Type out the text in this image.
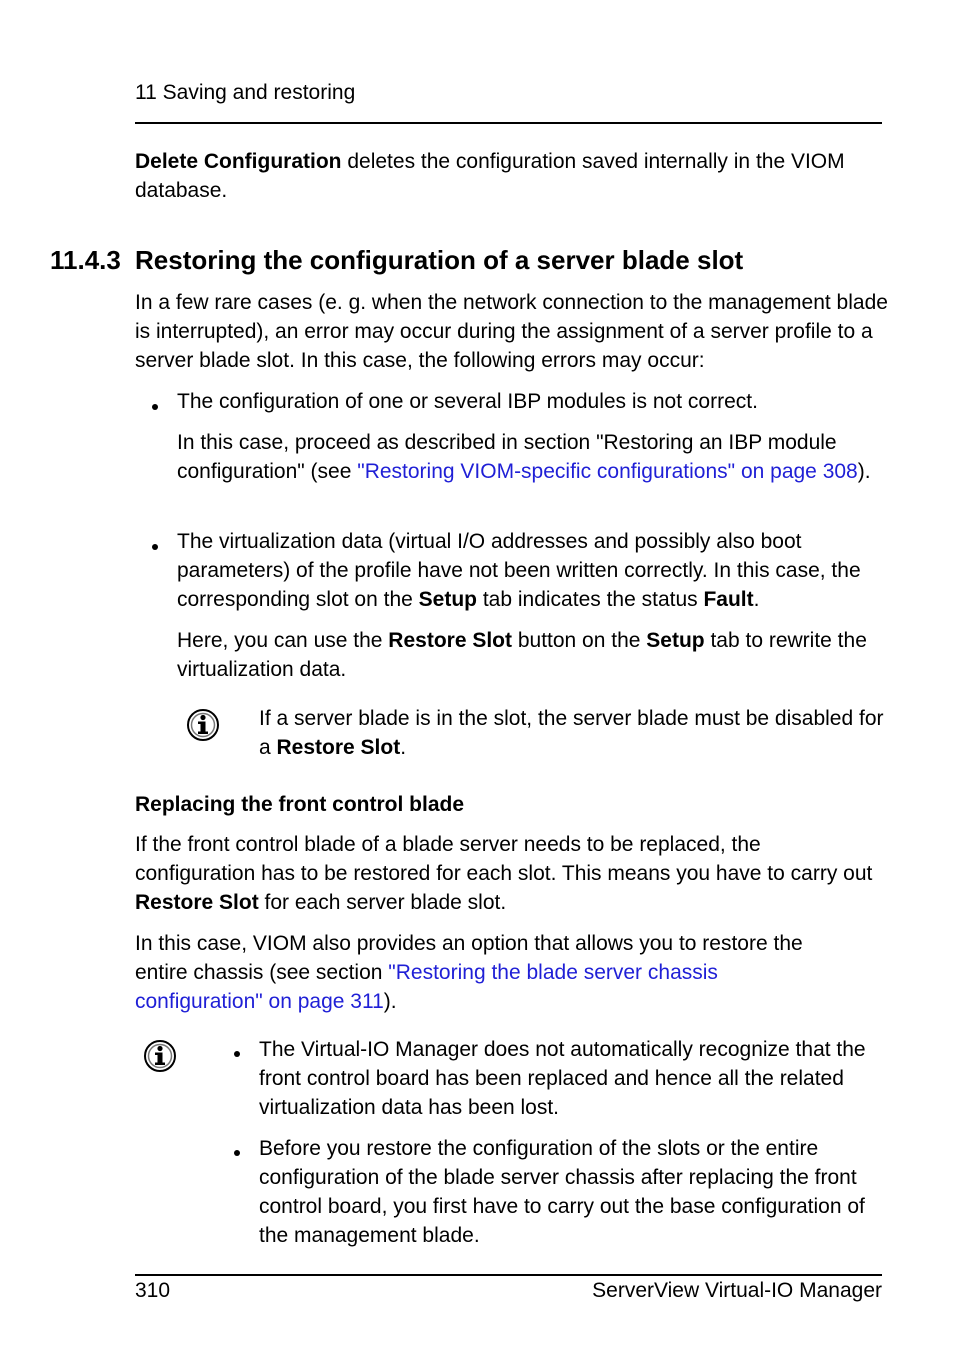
11 Saving and restoring

Delete Configuration deletes the configuration saved internally in the VIOM database.

11.4.3 Restoring the configuration of a server blade slot

In a few rare cases (e. g. when the network connection to the management blade is interrupted), an error may occur during the assignment of a server profile to a server blade slot. In this case, the following errors may occur:

The configuration of one or several IBP modules is not correct.

In this case, proceed as described in section "Restoring an IBP module configuration" (see "Restoring VIOM-specific configurations" on page 308).

The virtualization data (virtual I/O addresses and possibly also boot parameters) of the profile have not been written correctly. In this case, the corresponding slot on the Setup tab indicates the status Fault.

Here, you can use the Restore Slot button on the Setup tab to rewrite the virtualization data.

If a server blade is in the slot, the server blade must be disabled for a Restore Slot.

Replacing the front control blade

If the front control blade of a blade server needs to be replaced, the configuration has to be restored for each slot. This means you have to carry out Restore Slot for each server blade slot.

In this case, VIOM also provides an option that allows you to restore the entire chassis (see section "Restoring the blade server chassis configuration" on page 311).

The Virtual-IO Manager does not automatically recognize that the front control board has been replaced and hence all the related virtualization data has been lost.

Before you restore the configuration of the slots or the entire configuration of the blade server chassis after replacing the front control board, you first have to carry out the base configuration of the management blade.

310	ServerView Virtual-IO Manager
